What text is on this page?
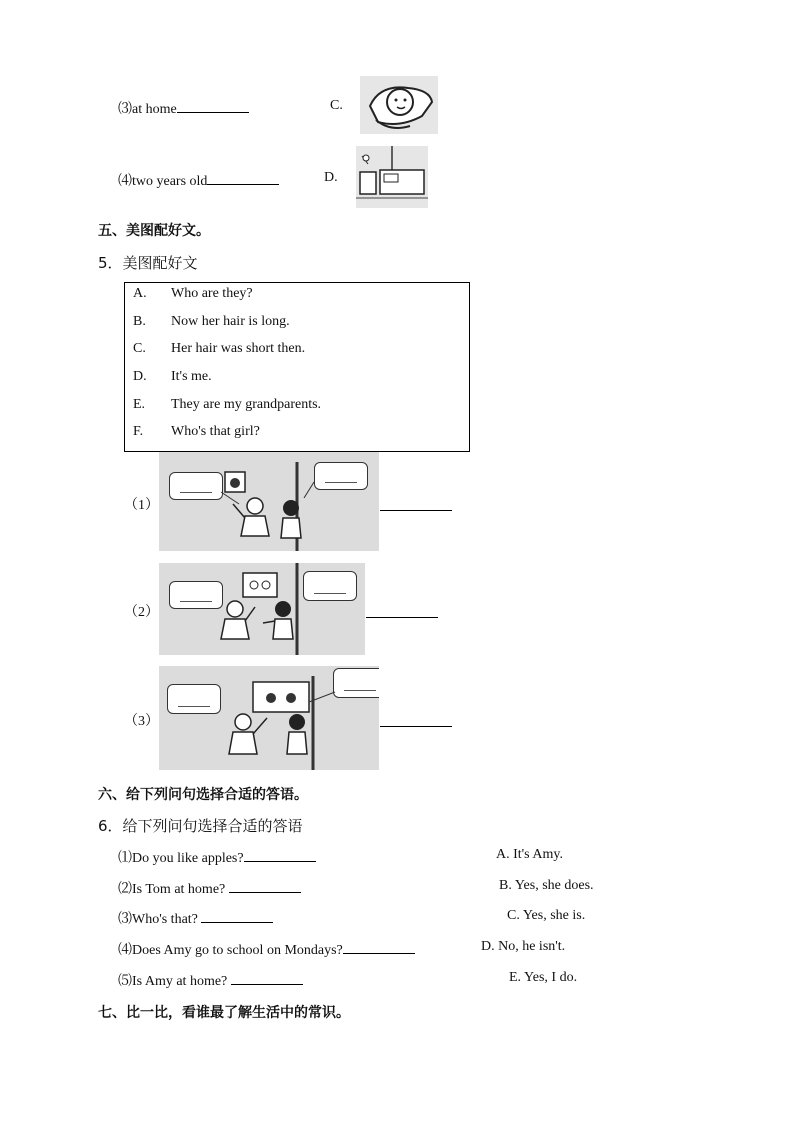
⑶at home	C.
⑷two years old	D.
五、美图配好文。
5．美图配好文
A. Who are they?
B. Now her hair is long.
C. Her hair was short then.
D. It's me.
E. They are my grandparents.
F. Who's that girl?
（1）
（2）
（3）
六、给下列问句选择合适的答语。
6．给下列问句选择合适的答语
⑴Do you like apples?	A. It's Amy.
⑵Is Tom at home?	B. Yes, she does.
⑶Who's that?	C. Yes, she is.
⑷Does Amy go to school on Mondays?	D. No, he isn't.
⑸Is Amy at home?	E. Yes, I do.
七、比一比，看谁最了解生活中的常识。
